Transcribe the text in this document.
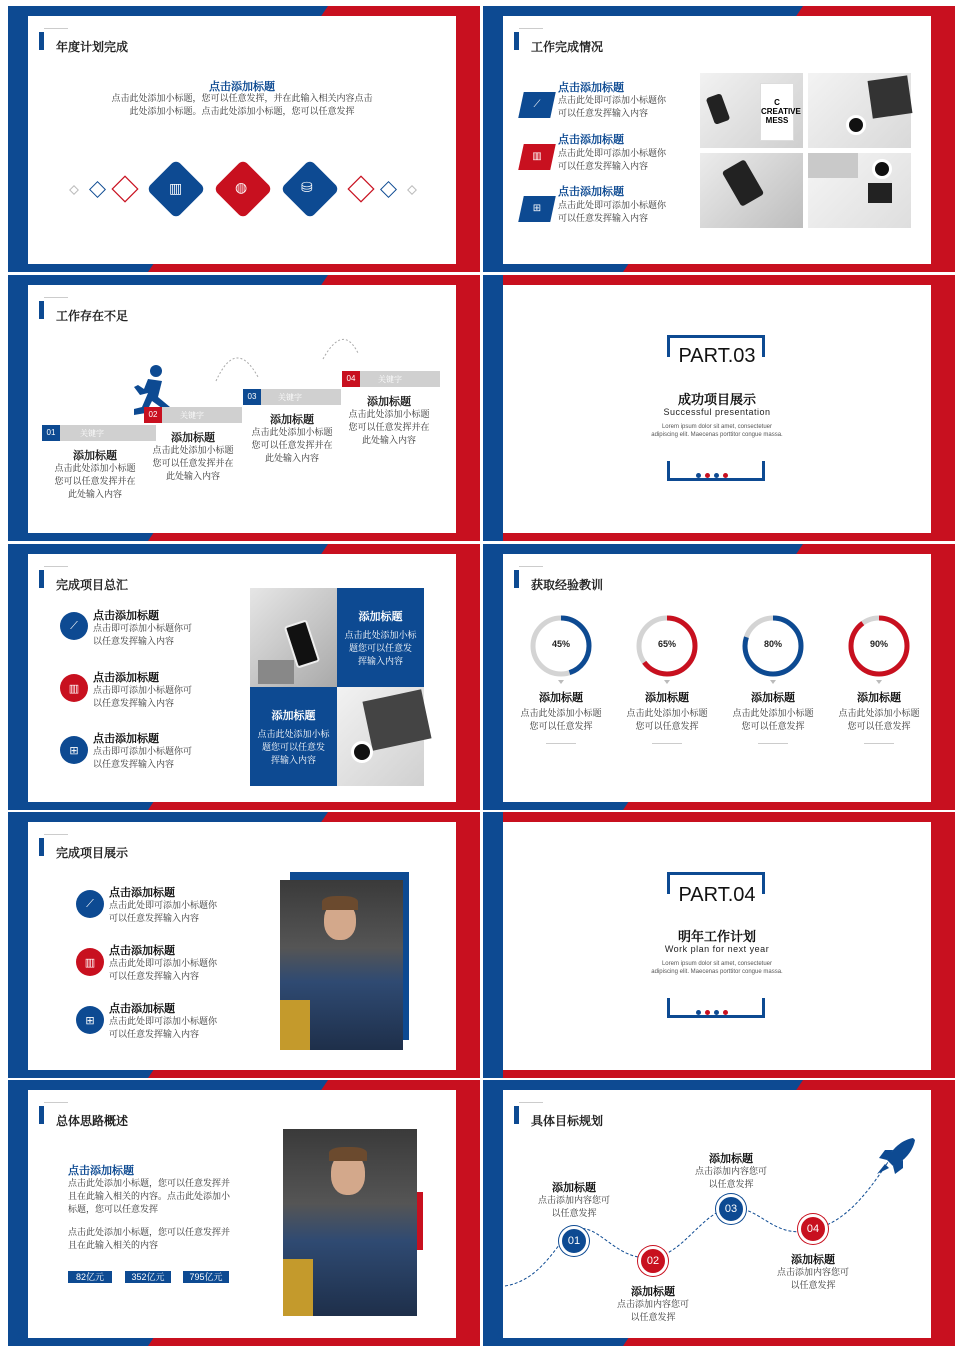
年度计划完成
点击添加标题
点击此处添加小标题，您可以任意发挥，并在此输入相关内容点击
此处添加小标题。点击此处添加小标题，您可以任意发挥
▥	◍	⛁
工作完成情况
⟋
点击添加标题
点击此处即可添加小标题你
可以任意发挥输入内容
▥
点击添加标题
点击此处即可添加小标题你
可以任意发挥输入内容
⊞
点击添加标题
点击此处即可添加小标题你
可以任意发挥输入内容
C CREATIVE MESS
工作存在不足
01	关键字
添加标题
点击此处添加小标题
您可以任意发挥并在
此处输入内容
02	关键字
添加标题
点击此处添加小标题
您可以任意发挥并在
此处输入内容
03	关键字
添加标题
点击此处添加小标题
您可以任意发挥并在
此处输入内容
04	关键字
添加标题
点击此处添加小标题
您可以任意发挥并在
此处输入内容
PART.03
成功项目展示
Successful presentation
Lorem ipsum dolor sit amet, consectetuer
adipiscing elit. Maecenas porttitor congue massa.
完成项目总汇
⟋
点击添加标题
点击即可添加小标题你可
以任意发挥输入内容
▥
点击添加标题
点击即可添加小标题你可
以任意发挥输入内容
⊞
点击添加标题
点击即可添加小标题你可
以任意发挥输入内容
添加标题
点击此处添加小标
题您可以任意发
挥输入内容
添加标题
点击此处添加小标
题您可以任意发
挥输入内容
获取经验教训
45%
添加标题
点击此处添加小标题
您可以任意发挥
65%
添加标题
点击此处添加小标题
您可以任意发挥
80%
添加标题
点击此处添加小标题
您可以任意发挥
90%
添加标题
点击此处添加小标题
您可以任意发挥
完成项目展示
⟋
点击添加标题
点击此处即可添加小标题你
可以任意发挥输入内容
▥
点击添加标题
点击此处即可添加小标题你
可以任意发挥输入内容
⊞
点击添加标题
点击此处即可添加小标题你
可以任意发挥输入内容
PART.04
明年工作计划
Work plan for next year
Lorem ipsum dolor sit amet, consectetuer
adipiscing elit. Maecenas porttitor congue massa.
总体思路概述
点击添加标题
点击此处添加小标题，您可以任意发挥并
且在此输入相关的内容。点击此处添加小
标题，您可以任意发挥
点击此处添加小标题，您可以任意发挥并
且在此输入相关的内容
82亿元	352亿元	795亿元
具体目标规划
01
添加标题
点击添加内容您可
以任意发挥
02
添加标题
点击添加内容您可
以任意发挥
03
添加标题
点击添加内容您可
以任意发挥
04
添加标题
点击添加内容您可
以任意发挥
